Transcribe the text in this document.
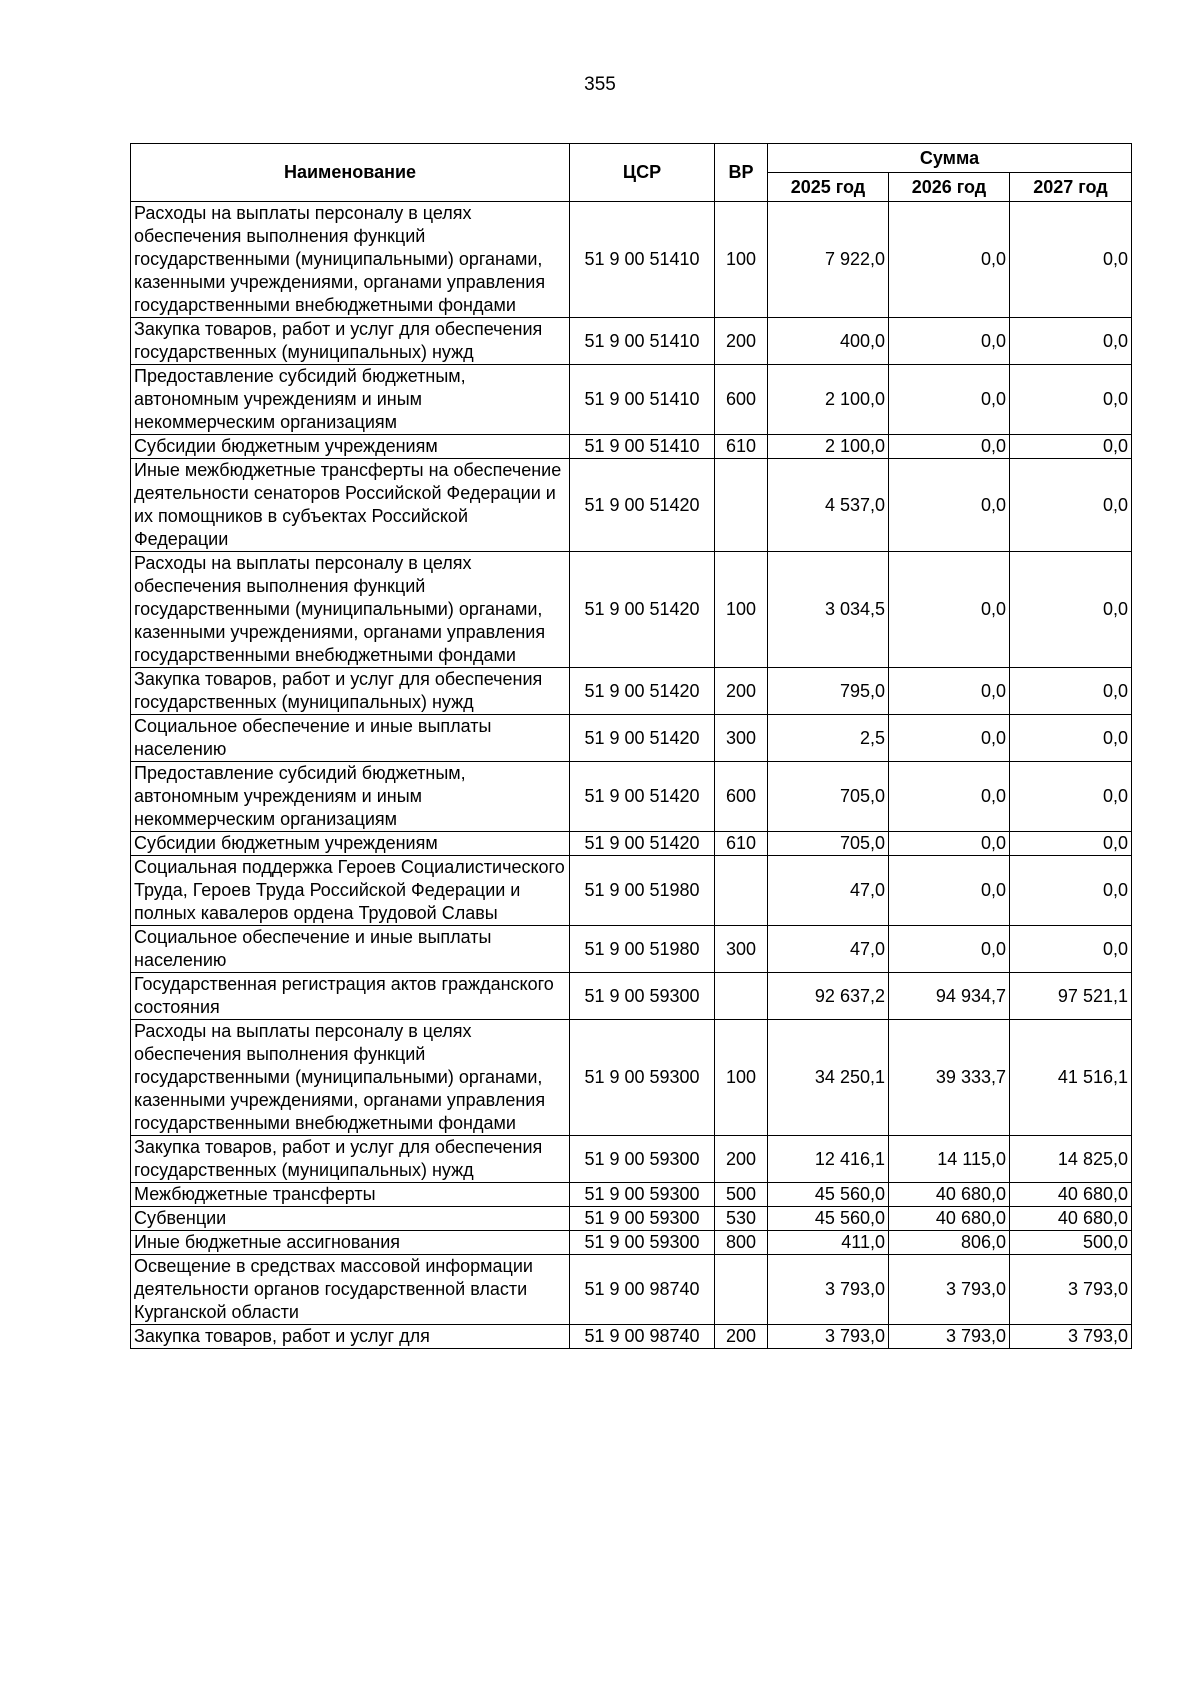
355
Наименование	ЦСР	ВР	Сумма		
			2025 год	2026 год	2027 год
Расходы на выплаты персоналу в целях обеспечения выполнения функций государственными (муниципальными) органами, казенными учреждениями, органами управления государственными внебюджетными фондами	51 9 00 51410	100	7 922,0	0,0	0,0
Закупка товаров, работ и услуг для обеспечения государственных (муниципальных) нужд	51 9 00 51410	200	400,0	0,0	0,0
Предоставление субсидий бюджетным, автономным учреждениям и иным некоммерческим организациям	51 9 00 51410	600	2 100,0	0,0	0,0
Субсидии бюджетным учреждениям	51 9 00 51410	610	2 100,0	0,0	0,0
Иные межбюджетные трансферты на обеспечение деятельности сенаторов Российской Федерации и их помощников в субъектах Российской Федерации	51 9 00 51420		4 537,0	0,0	0,0
Расходы на выплаты персоналу в целях обеспечения выполнения функций государственными (муниципальными) органами, казенными учреждениями, органами управления государственными внебюджетными фондами	51 9 00 51420	100	3 034,5	0,0	0,0
Закупка товаров, работ и услуг для обеспечения государственных (муниципальных) нужд	51 9 00 51420	200	795,0	0,0	0,0
Социальное обеспечение и иные выплаты населению	51 9 00 51420	300	2,5	0,0	0,0
Предоставление субсидий бюджетным, автономным учреждениям и иным некоммерческим организациям	51 9 00 51420	600	705,0	0,0	0,0
Субсидии бюджетным учреждениям	51 9 00 51420	610	705,0	0,0	0,0
Социальная поддержка Героев Социалистического Труда, Героев Труда Российской Федерации и полных кавалеров ордена Трудовой Славы	51 9 00 51980		47,0	0,0	0,0
Социальное обеспечение и иные выплаты населению	51 9 00 51980	300	47,0	0,0	0,0
Государственная регистрация актов гражданского состояния	51 9 00 59300		92 637,2	94 934,7	97 521,1
Расходы на выплаты персоналу в целях обеспечения выполнения функций государственными (муниципальными) органами, казенными учреждениями, органами управления государственными внебюджетными фондами	51 9 00 59300	100	34 250,1	39 333,7	41 516,1
Закупка товаров, работ и услуг для обеспечения государственных (муниципальных) нужд	51 9 00 59300	200	12 416,1	14 115,0	14 825,0
Межбюджетные трансферты	51 9 00 59300	500	45 560,0	40 680,0	40 680,0
Субвенции	51 9 00 59300	530	45 560,0	40 680,0	40 680,0
Иные бюджетные ассигнования	51 9 00 59300	800	411,0	806,0	500,0
Освещение в средствах массовой информации деятельности органов государственной власти Курганской области	51 9 00 98740		3 793,0	3 793,0	3 793,0
Закупка товаров, работ и услуг для	51 9 00 98740	200	3 793,0	3 793,0	3 793,0
